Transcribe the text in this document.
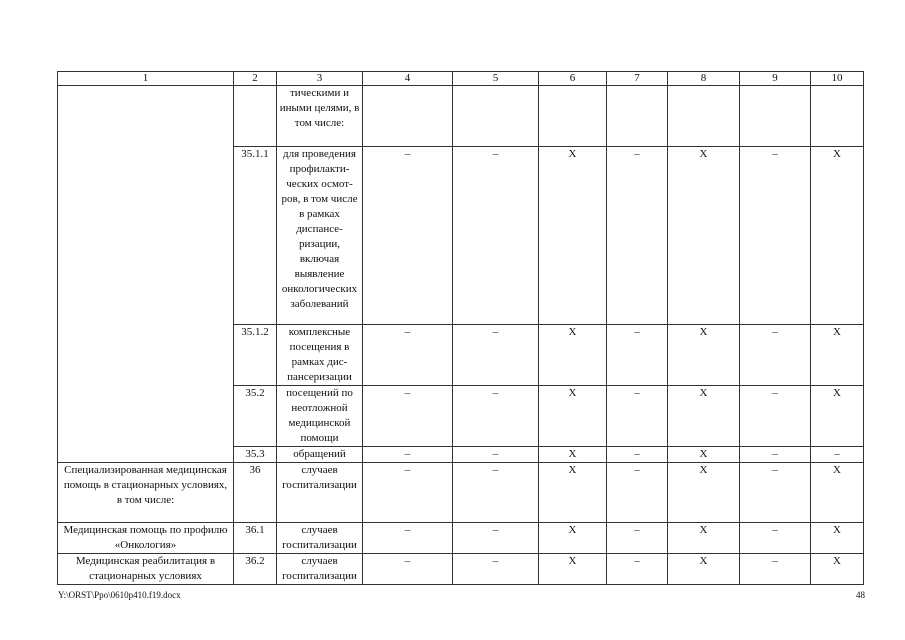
1	2	3	4	5	6	7	8	9	10
		тическими и иными целями, в том числе:							
	35.1.1	для проведения профилактических осмотров, в том числе в рамках диспансеризации, включая выявление онкологических заболеваний	–	–	X	–	X	–	X
	35.1.2	комплексные посещения в рамках диспансеризации	–	–	X	–	X	–	X
	35.2	посещений по неотложной медицинской помощи	–	–	X	–	X	–	X
	35.3	обращений	–	–	X	–	X	–	–
Специализированная медицинская помощь в стационарных условиях, в том числе:	36	случаев госпитализации	–	–	X	–	X	–	X
Медицинская помощь по профилю «Онкология»	36.1	случаев госпитализации	–	–	X	–	X	–	X
Медицинская реабилитация в стационарных условиях	36.2	случаев госпитализации	–	–	X	–	X	–	X
Y:\ORST\Ppo\0610p410.f19.docx	48
